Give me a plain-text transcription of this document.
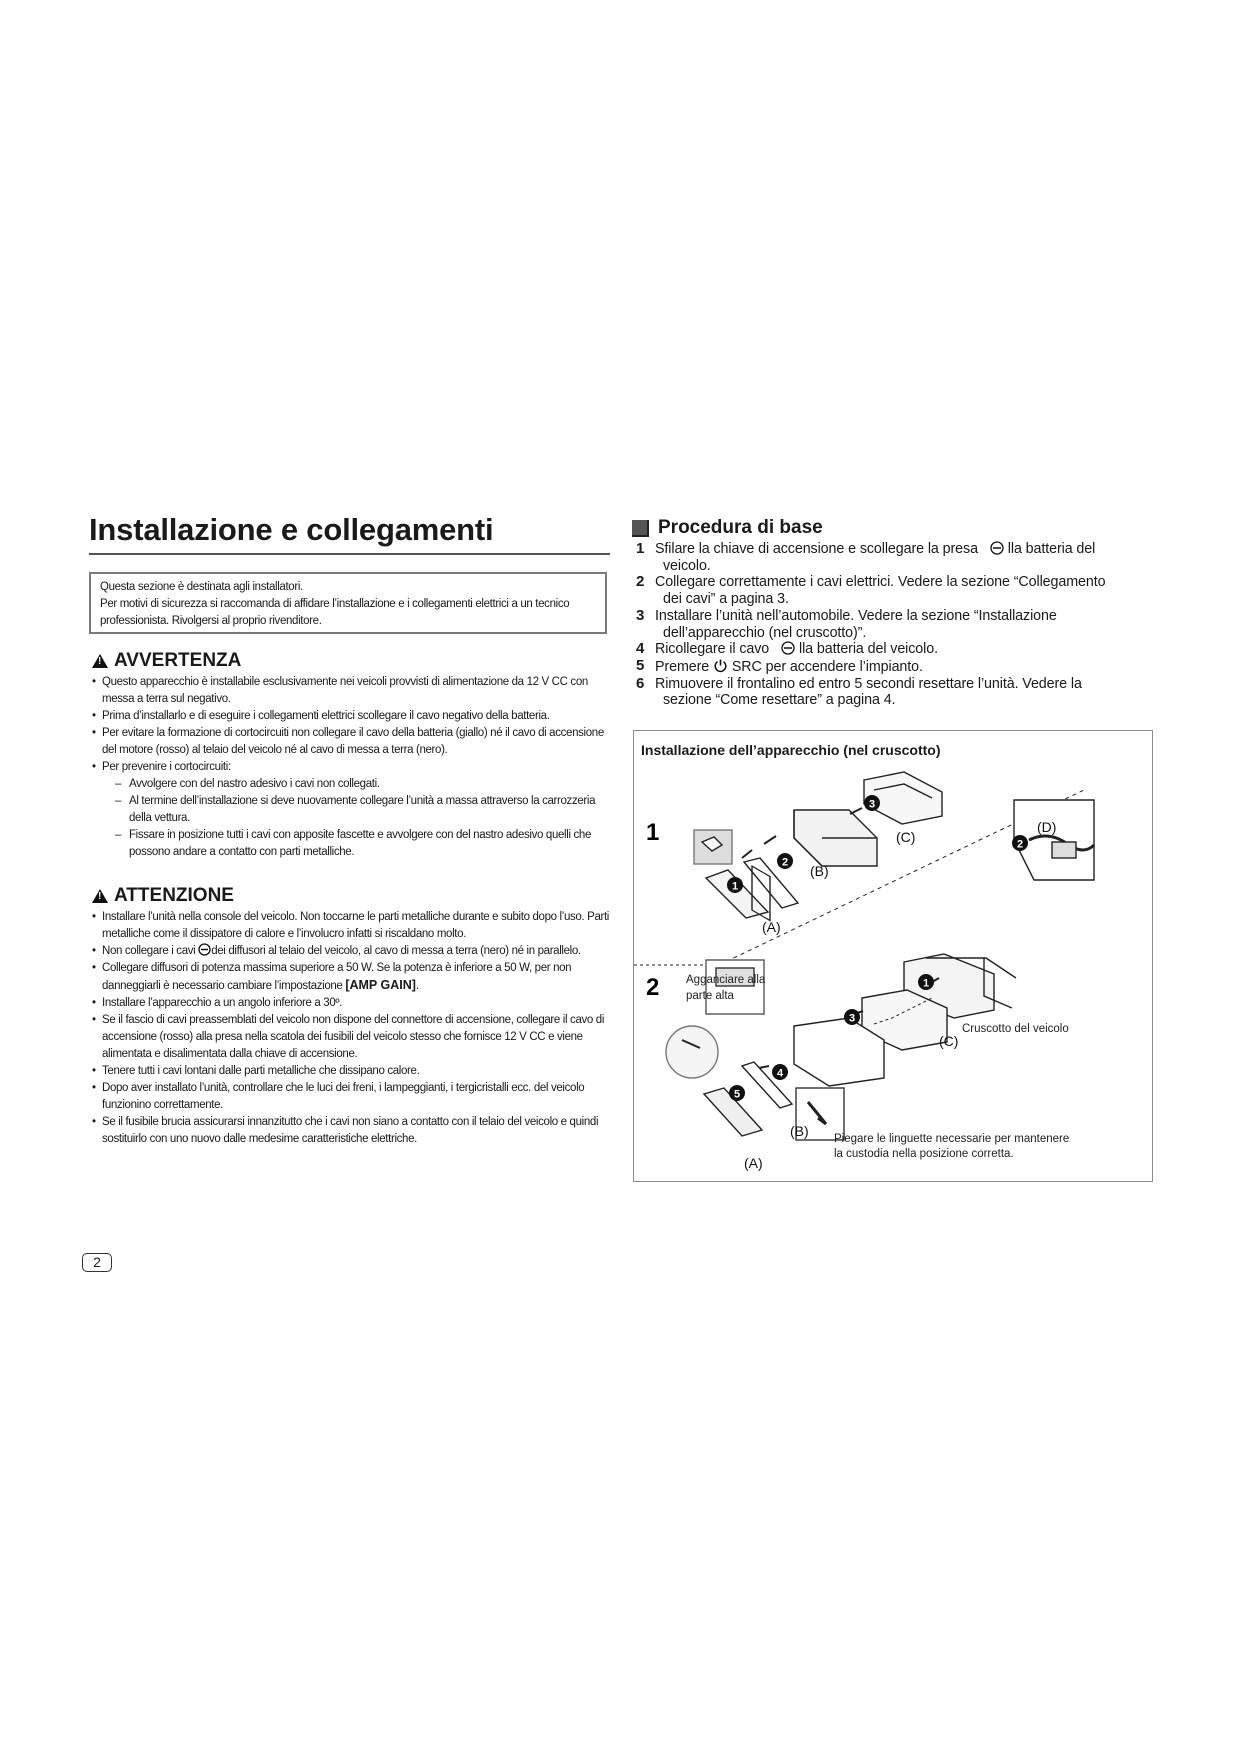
Installazione e collegamenti

Questa sezione è destinata agli installatori.

Per motivi di sicurezza si raccomanda di affidare l’installazione e i collegamenti elettrici a un tecnico professionista. Rivolgersi al proprio rivenditore.

!
AVVERTENZA
• Questo apparecchio è installabile esclusivamente nei veicoli provvisti di alimentazione da 12 V CC con messa a terra sul negativo.
• Prima d’installarlo e di eseguire i collegamenti elettrici scollegare il cavo negativo della batteria.
• Per evitare la formazione di cortocircuiti non collegare il cavo della batteria (giallo) né il cavo di accensione del motore (rosso) al telaio del veicolo né al cavo di messa a terra (nero).
• Per prevenire i cortocircuiti:
– Avvolgere con del nastro adesivo i cavi non collegati.
– Al termine dell’installazione si deve nuovamente collegare l’unità a massa attraverso la carrozzeria della vettura.
– Fissare in posizione tutti i cavi con apposite fascette e avvolgere con del nastro adesivo quelli che possono andare a contatto con parti metalliche.
!
ATTENZIONE
• Installare l’unità nella console del veicolo. Non toccarne le parti metalliche durante e subito dopo l’uso. Parti metalliche come il dissipatore di calore e l’involucro infatti si riscaldano molto.
• Non collegare i cavi dei diffusori al telaio del veicolo, al cavo di messa a terra (nero) né in parallelo.
• Collegare diffusori di potenza massima superiore a 50 W. Se la potenza è inferiore a 50 W, per non danneggiarli è necessario cambiare l’impostazione [AMP GAIN].
• Installare l’apparecchio a un angolo inferiore a 30º.
• Se il fascio di cavi preassemblati del veicolo non dispone del connettore di accensione, collegare il cavo di accensione (rosso) alla presa nella scatola dei fusibili del veicolo stesso che fornisce 12 V CC e viene alimentata e disalimentata dalla chiave di accensione.
• Tenere tutti i cavi lontani dalle parti metalliche che dissipano calore.
• Dopo aver installato l’unità, controllare che le luci dei freni, i lampeggianti, i tergicristalli ecc. del veicolo funzionino correttamente.
• Se il fusibile brucia assicurarsi innanzitutto che i cavi non siano a contatto con il telaio del veicolo e quindi sostituirlo con uno nuovo dalle medesime caratteristiche elettriche.
2
Procedura di base
1 Sfilare la chiave di accensione e scollegare la presa lla batteria del
veicolo.
2 Collegare correttamente i cavi elettrici. Vedere la sezione “Collegamento
dei cavi” a pagina 3.
3 Installare l’unità nell’automobile. Vedere la sezione “Installazione
dell’apparecchio (nel cruscotto)”.
4 Ricollegare il cavo lla batteria del veicolo.
5 Premere SRC per accendere l’impianto.
6 Rimuovere il frontalino ed entro 5 secondi resettare l’unità. Vedere la
sezione “Come resettare” a pagina 4.
Installazione dell’apparecchio (nel cruscotto)
1
2
1
2
3
2
1
3
4
5
(C)
(B)
(A)
(D)
(C)
(B)
(A)
Agganciare alla
parte alta
Cruscotto del veicolo
Piegare le linguette necessarie per mantenere
la custodia nella posizione corretta.
